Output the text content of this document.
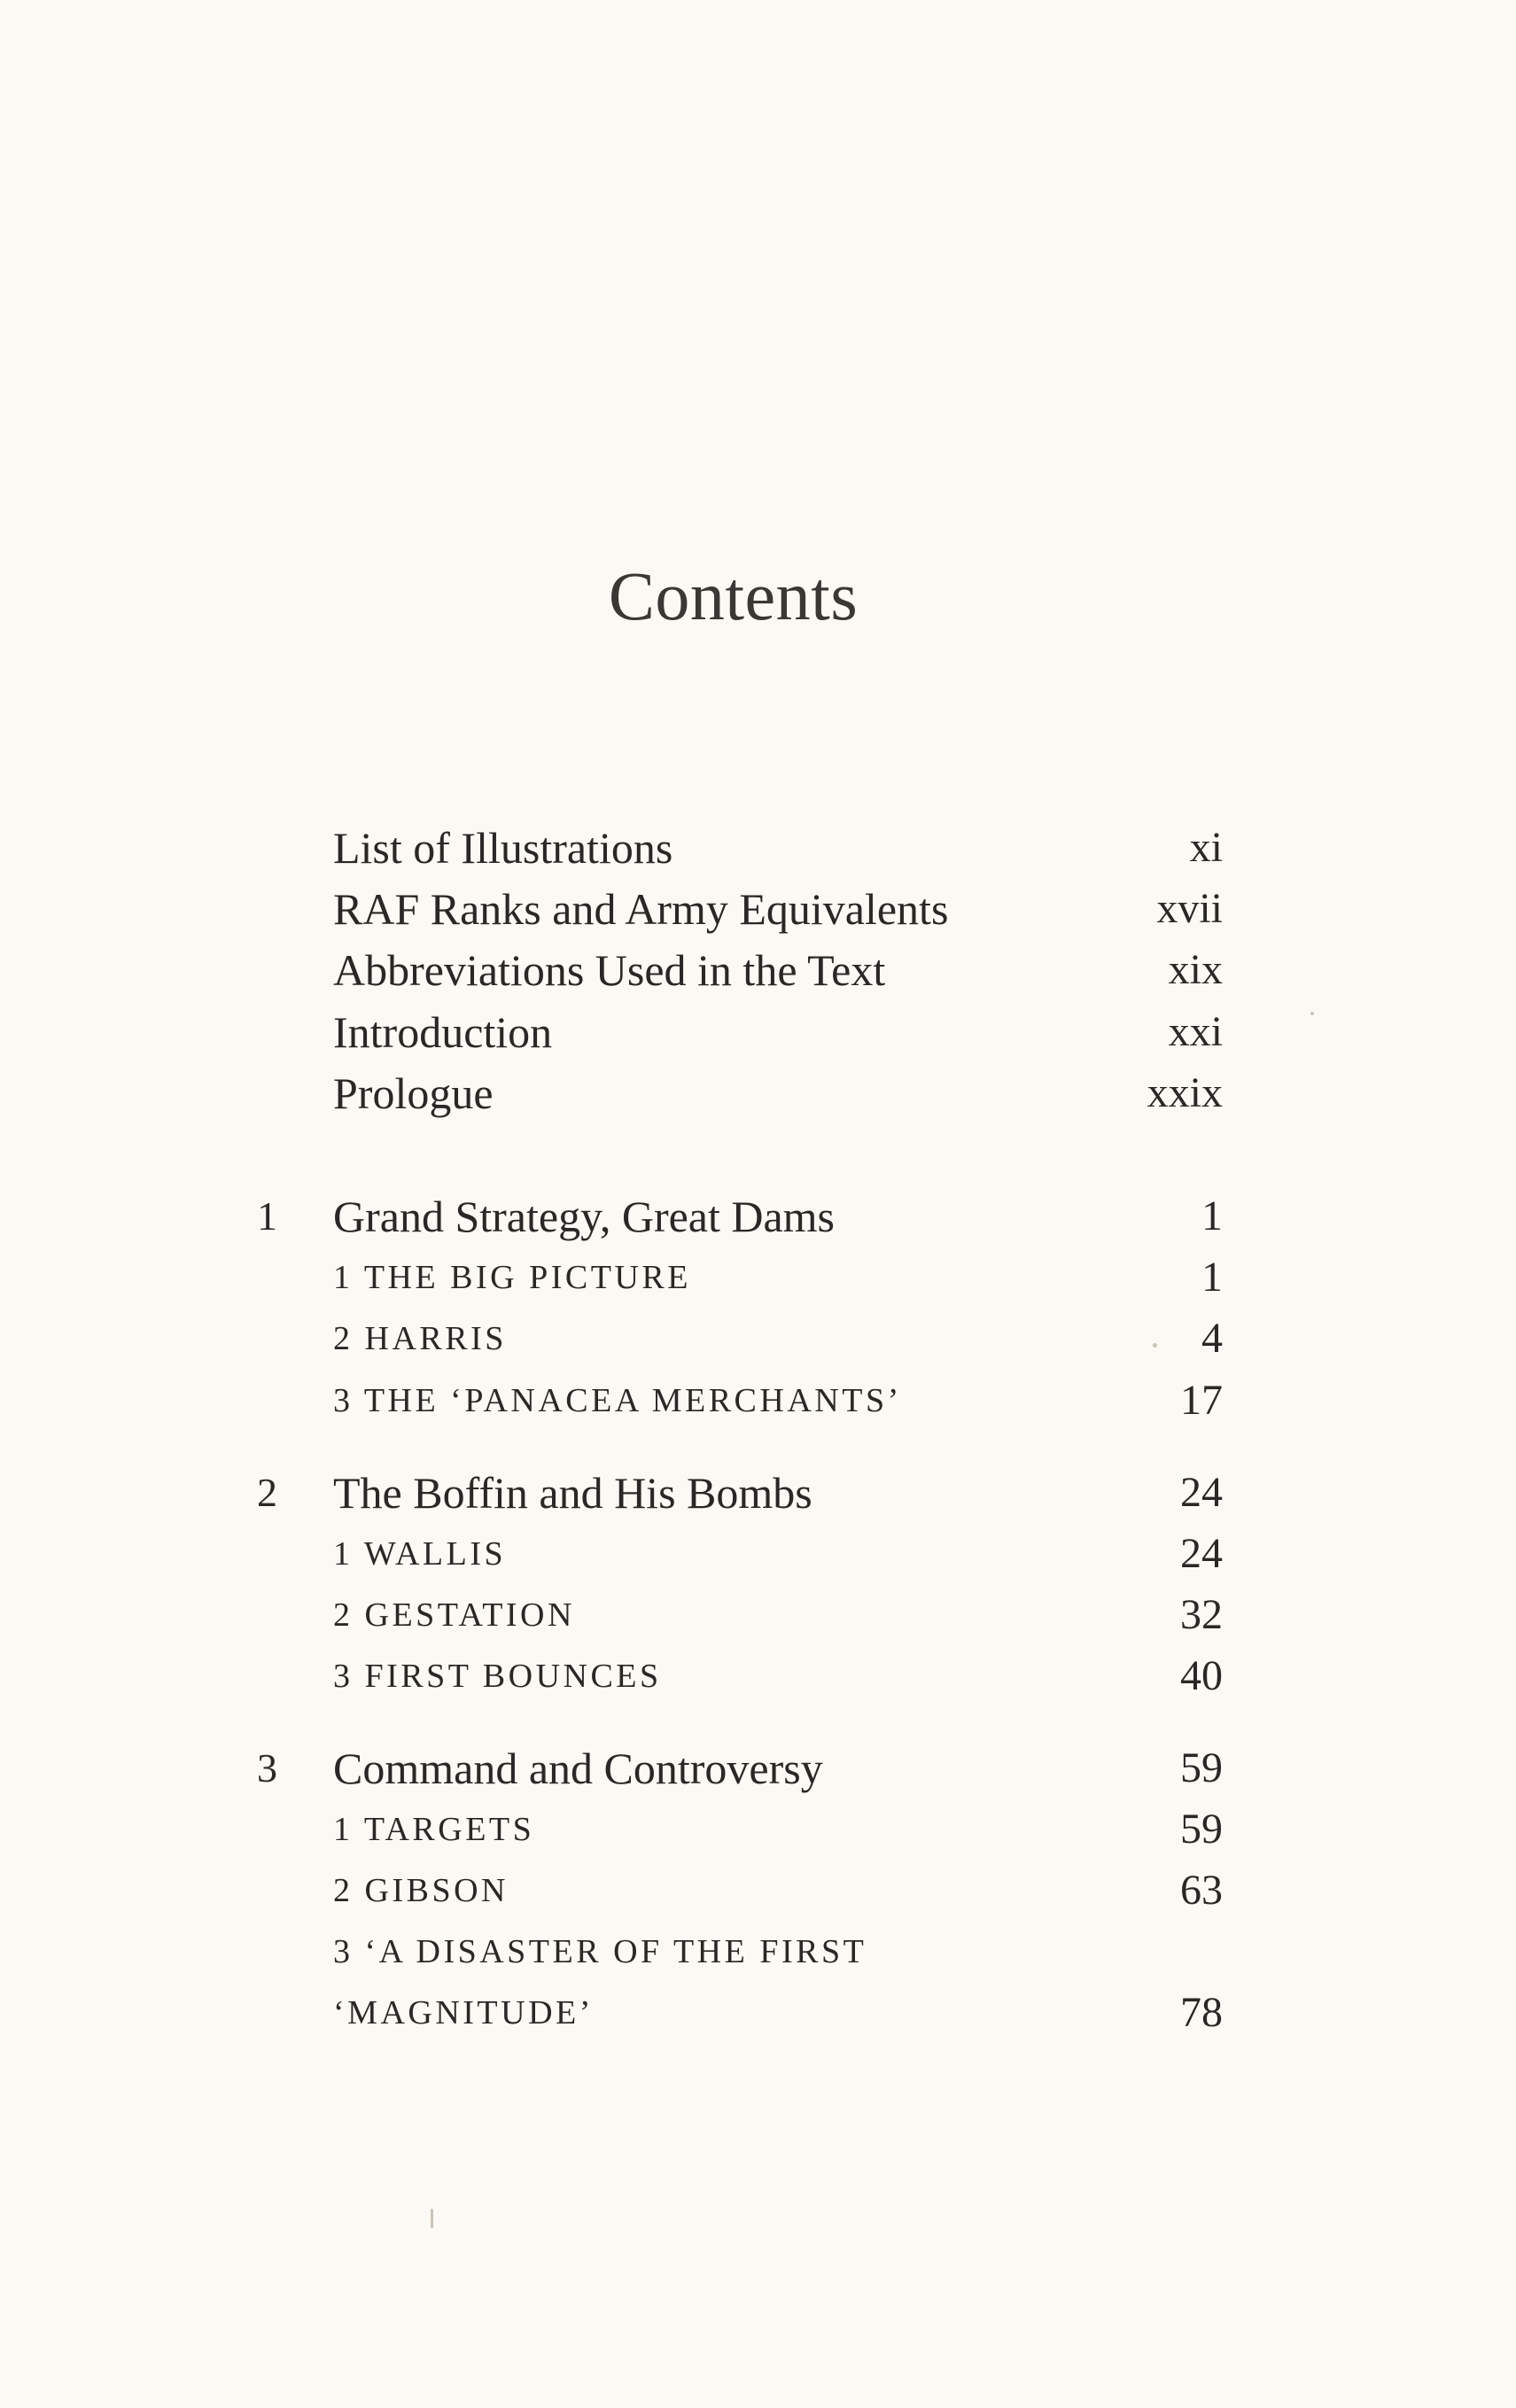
Contents
List of Illustrations	xi
RAF Ranks and Army Equivalents	xvii
Abbreviations Used in the Text	xix
Introduction	xxi
Prologue	xxix
1	Grand Strategy, Great Dams	1
1 THE BIG PICTURE	1
2 HARRIS	4
3 THE ‘PANACEA MERCHANTS’	17
2	The Boffin and His Bombs	24
1 WALLIS	24
2 GESTATION	32
3 FIRST BOUNCES	40
3	Command and Controversy	59
1 TARGETS	59
2 GIBSON	63
3 ‘A DISASTER OF THE FIRST
‘MAGNITUDE’	78
